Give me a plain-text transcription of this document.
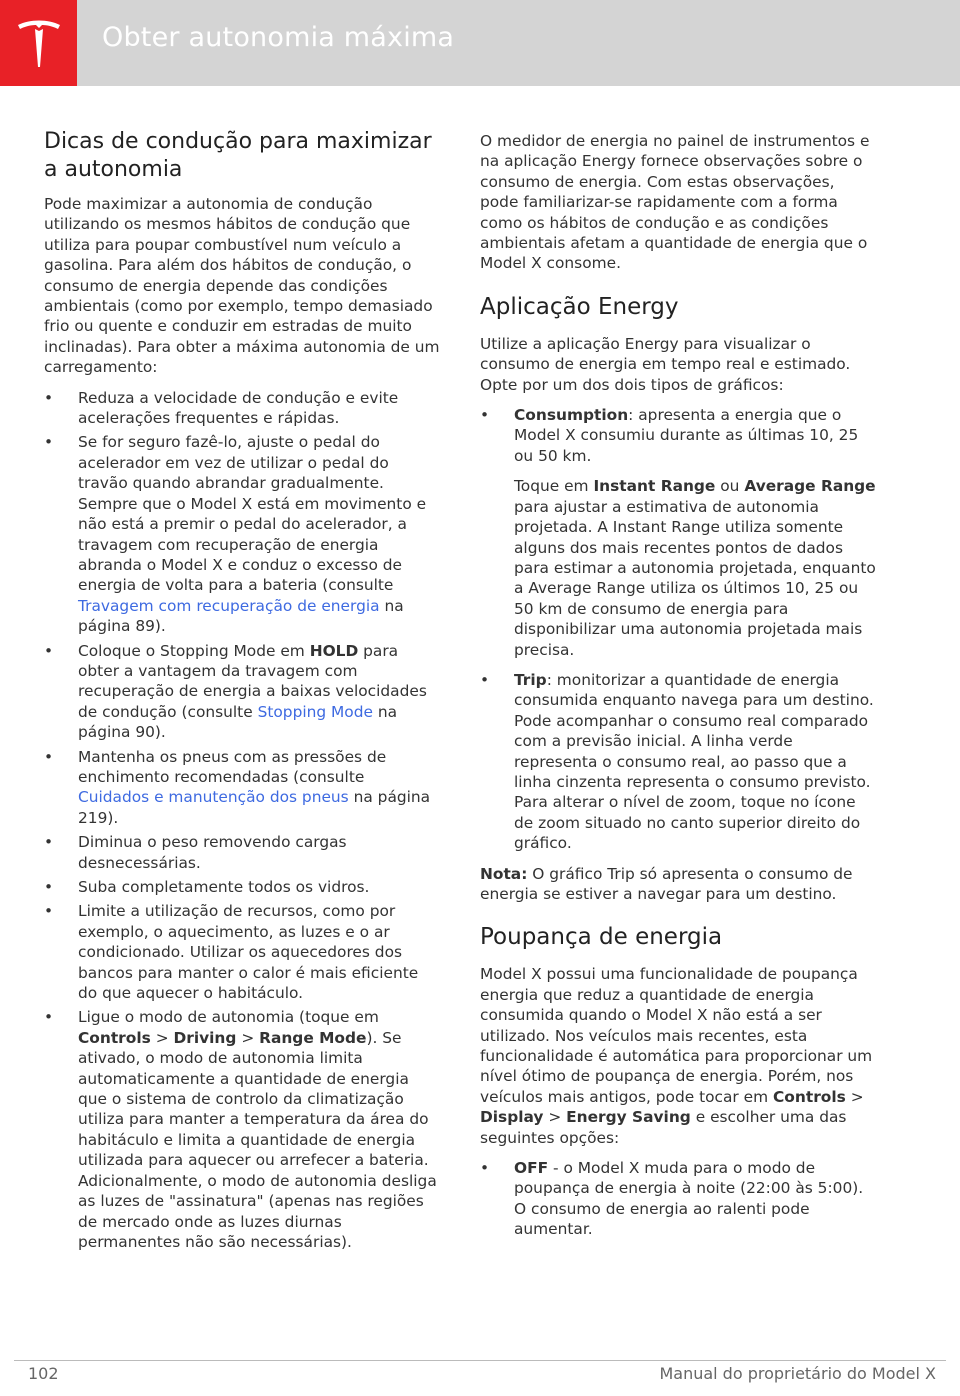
Obter autonomia máxima
Dicas de condução para maximizar a autonomia

Pode maximizar a autonomia de condução utilizando os mesmos hábitos de condução que utiliza para poupar combustível num veículo a gasolina. Para além dos hábitos de condução, o consumo de energia depende das condições ambientais (como por exemplo, tempo demasiado frio ou quente e conduzir em estradas de muito inclinadas). Para obter a máxima autonomia de um carregamento:

• Reduza a velocidade de condução e evite acelerações frequentes e rápidas.
• Se for seguro fazê-lo, ajuste o pedal do acelerador em vez de utilizar o pedal do travão quando abrandar gradualmente. Sempre que o Model X está em movimento e não está a premir o pedal do acelerador, a travagem com recuperação de energia abranda o Model X e conduz o excesso de energia de volta para a bateria (consulte Travagem com recuperação de energia na página 89).
• Coloque o Stopping Mode em HOLD para obter a vantagem da travagem com recuperação de energia a baixas velocidades de condução (consulte Stopping Mode na página 90).
• Mantenha os pneus com as pressões de enchimento recomendadas (consulte Cuidados e manutenção dos pneus na página 219).
• Diminua o peso removendo cargas desnecessárias.
• Suba completamente todos os vidros.
• Limite a utilização de recursos, como por exemplo, o aquecimento, as luzes e o ar condicionado. Utilizar os aquecedores dos bancos para manter o calor é mais eficiente do que aquecer o habitáculo.
• Ligue o modo de autonomia (toque em Controls > Driving > Range Mode). Se ativado, o modo de autonomia limita automaticamente a quantidade de energia que o sistema de controlo da climatização utiliza para manter a temperatura da área do habitáculo e limita a quantidade de energia utilizada para aquecer ou arrefecer a bateria. Adicionalmente, o modo de autonomia desliga as luzes de "assinatura" (apenas nas regiões de mercado onde as luzes diurnas permanentes não são necessárias).

O medidor de energia no painel de instrumentos e na aplicação Energy fornece observações sobre o consumo de energia. Com estas observações, pode familiarizar-se rapidamente com a forma como os hábitos de condução e as condições ambientais afetam a quantidade de energia que o Model X consome.

Aplicação Energy

Utilize a aplicação Energy para visualizar o consumo de energia em tempo real e estimado. Opte por um dos dois tipos de gráficos:

• Consumption: apresenta a energia que o Model X consumiu durante as últimas 10, 25 ou 50 km.
Toque em Instant Range ou Average Range para ajustar a estimativa de autonomia projetada. A Instant Range utiliza somente alguns dos mais recentes pontos de dados para estimar a autonomia projetada, enquanto a Average Range utiliza os últimos 10, 25 ou 50 km de consumo de energia para disponibilizar uma autonomia projetada mais precisa.
• Trip: monitorizar a quantidade de energia consumida enquanto navega para um destino. Pode acompanhar o consumo real comparado com a previsão inicial. A linha verde representa o consumo real, ao passo que a linha cinzenta representa o consumo previsto. Para alterar o nível de zoom, toque no ícone de zoom situado no canto superior direito do gráfico.

Nota: O gráfico Trip só apresenta o consumo de energia se estiver a navegar para um destino.

Poupança de energia

Model X possui uma funcionalidade de poupança energia que reduz a quantidade de energia consumida quando o Model X não está a ser utilizado. Nos veículos mais recentes, esta funcionalidade é automática para proporcionar um nível ótimo de poupança de energia. Porém, nos veículos mais antigos, pode tocar em Controls > Display > Energy Saving e escolher uma das seguintes opções:

• OFF - o Model X muda para o modo de poupança de energia à noite (22:00 às 5:00). O consumo de energia ao ralenti pode aumentar.
102	Manual do proprietário do Model X
